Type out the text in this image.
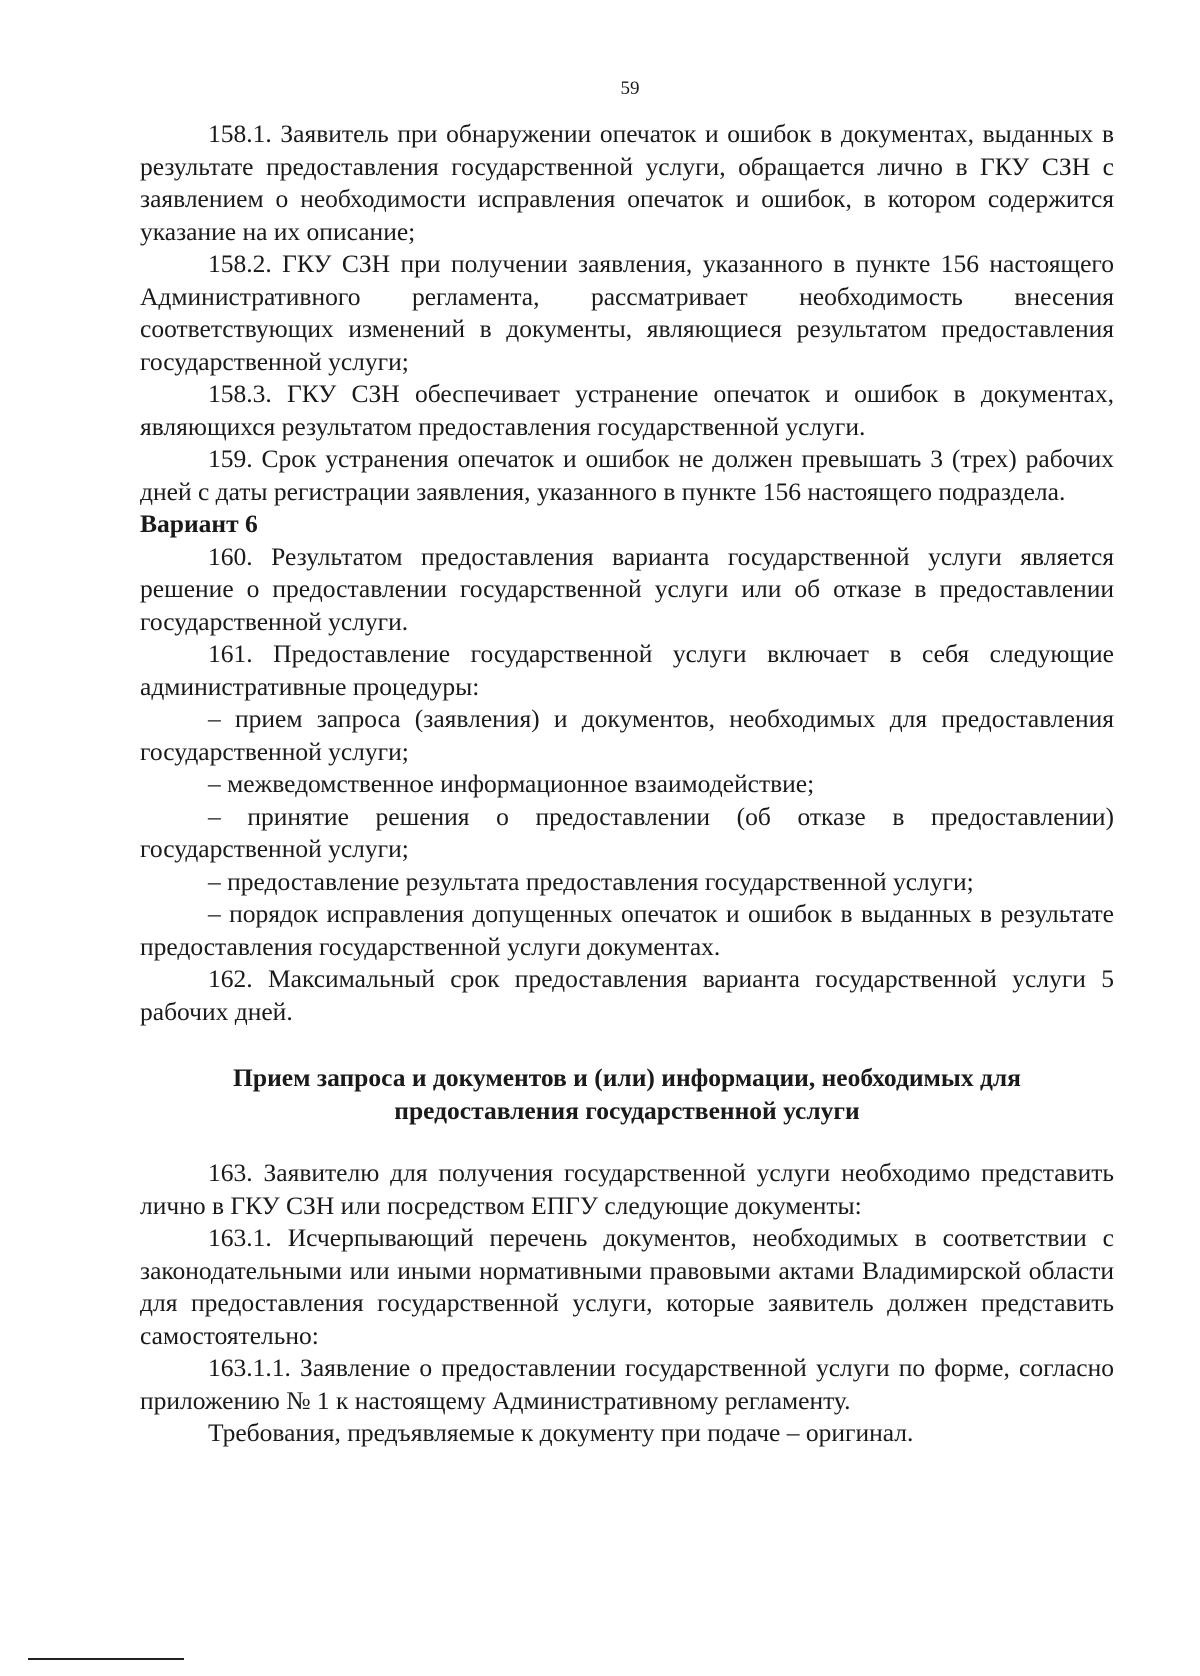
59

158.1. Заявитель при обнаружении опечаток и ошибок в документах, выданных в результате предоставления государственной услуги, обращается лично в ГКУ СЗН с заявлением о необходимости исправления опечаток и ошибок, в котором содержится указание на их описание;

158.2. ГКУ СЗН при получении заявления, указанного в пункте 156 настоящего Административного регламента, рассматривает необходимость внесения соответствующих изменений в документы, являющиеся результатом предоставления государственной услуги;

158.3. ГКУ СЗН обеспечивает устранение опечаток и ошибок в документах, являющихся результатом предоставления государственной услуги.

159. Срок устранения опечаток и ошибок не должен превышать 3 (трех) рабочих дней с даты регистрации заявления, указанного в пункте 156 настоящего подраздела.

Вариант 6

160. Результатом предоставления варианта государственной услуги является решение о предоставлении государственной услуги или об отказе в предоставлении государственной услуги.

161. Предоставление государственной услуги включает в себя следующие административные процедуры:

– прием запроса (заявления) и документов, необходимых для предоставления государственной услуги;

– межведомственное информационное взаимодействие;

– принятие решения о предоставлении (об отказе в предоставлении) государственной услуги;

– предоставление результата предоставления государственной услуги;

– порядок исправления допущенных опечаток и ошибок в выданных в результате предоставления государственной услуги документах.

162. Максимальный срок предоставления варианта государственной услуги 5 рабочих дней.

Прием запроса и документов и (или) информации, необходимых для
предоставления государственной услуги

163. Заявителю для получения государственной услуги необходимо представить лично в ГКУ СЗН или посредством ЕПГУ следующие документы:

163.1. Исчерпывающий перечень документов, необходимых в соответствии с законодательными или иными нормативными правовыми актами Владимирской области для предоставления государственной услуги, которые заявитель должен представить самостоятельно:

163.1.1. Заявление о предоставлении государственной услуги по форме, согласно приложению № 1 к настоящему Административному регламенту.

Требования, предъявляемые к документу при подаче – оригинал.
